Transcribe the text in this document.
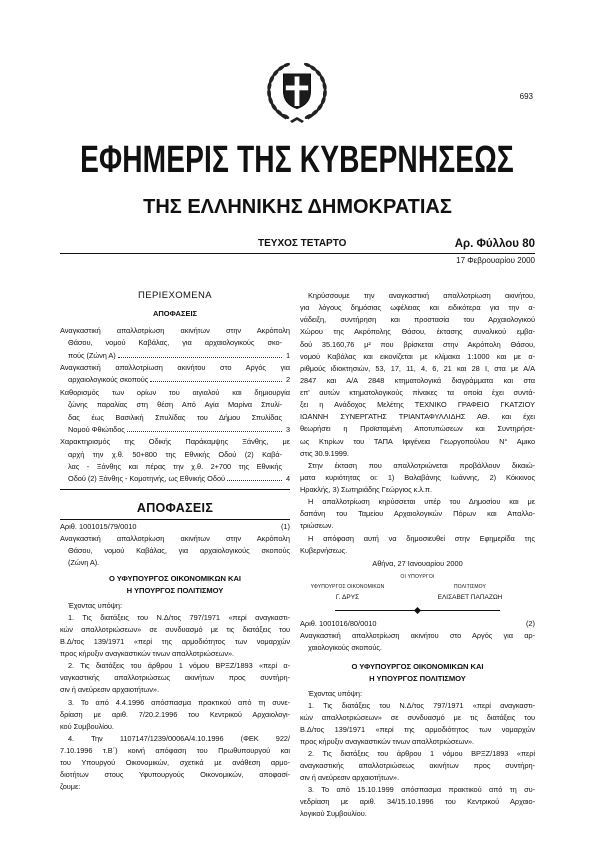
693
ΕΦΗΜΕΡΙΣ ΤΗΣ ΚΥΒΕΡΝΗΣΕΩΣ
ΤΗΣ ΕΛΛΗΝΙΚΗΣ ΔΗΜΟΚΡΑΤΙΑΣ
ΤΕΥΧΟΣ ΤΕΤΑΡΤΟ	Αρ. Φύλλου 80
17 Φεβρουαρίου 2000
ΠΕΡΙΕΧΟΜΕΝΑ
ΑΠΟΦΑΣΕΙΣ
Αναγκαστική απαλλοτρίωση ακινήτων στην Ακρόπολη
Θάσου, νομού Καβάλας, για αρχαιολογικούς σκο-
πούς (Ζώνη Α)	1
Αναγκαστική απαλλοτρίωση ακινήτου στο Αργός για
αρχαιολογικούς σκοπούς	2
Καθορισμός των ορίων του αιγιαλού και δημιουργία
ζώνης παραλίας στη θέση Από Αγία Μαρίνα Σπυλί-
δας έως Βασιλική Σπυλίδας του Δήμου Σπυλίδας
Νομού Φθιώτιδος	3
Χαρακτηρισμός της Οδικής Παράκαμψης Ξάνθης, με
αρχή την χ.θ. 50+800 της Εθνικής Οδού (2) Καβά-
λας - Ξάνθης και πέρας την χ.θ. 2+700 της Εθνικής
Οδού (2) Ξάνθης - Κομοτηνής, ως Εθνικής Οδού	4
ΑΠΟΦΑΣΕΙΣ
Αριθ. 1001015/79/0010	(1)
Αναγκαστική απαλλοτρίωση ακινήτων στην Ακρόπολη
Θάσου, νομού Καβάλας, για αρχαιολογικούς σκοπούς
(Ζώνη Α).
Ο ΥΦΥΠΟΥΡΓΟΣ ΟΙΚΟΝΟΜΙΚΩΝ ΚΑΙ
Η ΥΠΟΥΡΓΟΣ ΠΟΛΙΤΙΣΜΟΥ
Έχοντας υπόψη:
1. Τις διατάξεις του Ν.Δ/τος 797/1971 «περί αναγκαστι-
κών απαλλοτριώσεων» σε συνδυασμό με τις διατάξεις του
Β.Δ/τος 139/1971 «περί της αρμοδιότητος των νομαρχών
προς κήρυξιν αναγκαστικών τινων απαλλοτριώσεων».
2. Τις διατάξεις του άρθρου 1 νόμου ΒΡΞΖ/1893 «περί α-
ναγκαστικής απαλλοτριώσεως ακινήτων προς συντήρη-
σιν ή ανεύρεσιν αρχαιοτήτων».
3. Το από 4.4.1996 απόσπασμα πρακτικού από τη συνε-
δρίαση με αριθ. 7/20.2.1996 του Κεντρικού Αρχαιολογι-
κού Συμβουλίου.
4. Την 1107147/1239/0006Α/4.10.1996 (ΦΕΚ 922/
7.10.1996 τ.Β΄) κοινή απόφαση του Πρωθυπουργού και
του Υπουργού Οικονομικών, σχετικά με ανάθεση αρμο-
διοτήτων στους Υφυπουργούς Οικονομικών, αποφασί-
ζουμε:
Κηρύσσουμε την αναγκαστική απαλλοτρίωση ακινήτου,
για λόγους δημόσιας ωφέλειας και ειδικότερα για την α-
νάδειξη, συντήρηση και προστασία του Αρχαιολογικού
Χώρου της Ακρόπολης Θάσου, έκτασης συνολικού εμβα-
δού 35.160,76 μ² που βρίσκεται στην Ακρόπολη Θάσου,
νομού Καβάλας και εικονίζεται με κλίμακα 1:1000 και με α-
ριθμούς ιδιοκτησιών, 53, 17, 11, 4, 6, 21 και 28 Ι, στα με Α/Α
2847 και Α/Α 2848 κτηματολογικά διαγράμματα και στα
επ' αυτών κτηματολογικούς πίνακες τα οποία έχει συντά-
ξει η Ανάδοχος Μελέτης ΤΕΧΝΙΚΟ ΓΡΑΦΕΙΟ ΓΚΑΤΖΙΟΥ
ΙΩΑΝΝΗ ΣΥΝΕΡΓΑΤΗΣ ΤΡΙΑΝΤΑΦΥΛΛΙΔΗΣ ΑΘ. και έχει
θεωρήσει η Προϊσταμένη Αποτυπώσεων και Συντηρήσε-
ως Κτιρίων του ΤΑΠΑ Ιφιγένεια Γεωργοπούλου Ν° Αμικο
στις 30.9.1999.
Στην έκταση που απαλλοτριώνεται προβάλλουν δικαιώ-
ματα κυριότητας οι: 1) Βαλαβάνης Ιωάννης, 2) Κόκκινος
Ηρακλής, 3) Σωτηριάδης Γεώργιος κ.λ.π.
Η απαλλοτρίωση κηρύσσεται υπέρ του Δημοσίου και με
δαπάνη του Ταμείου Αρχαιολογικών Πόρων και Απαλλο-
τριώσεων.
Η απόφαση αυτή να δημοσιευθεί στην Εφημερίδα της
Κυβερνήσεως.
Αθήνα, 27 Ιανουαρίου 2000
ΟΙ ΥΠΟΥΡΓΟΙ
ΥΦΥΠΟΥΡΓΟΣ ΟΙΚΟΝΟΜΙΚΩΝ
Γ. ΔΡΥΣ
ΠΟΛΙΤΙΣΜΟΥ
ΕΛΙΣΑΒΕΤ ΠΑΠΑΖΩΗ
Αριθ. 1001016/80/0010	(2)
Αναγκαστική απαλλοτρίωση ακινήτου στο Αργός για αρ-
χαιολογικούς σκοπούς.
Ο ΥΦΥΠΟΥΡΓΟΣ ΟΙΚΟΝΟΜΙΚΩΝ ΚΑΙ
Η ΥΠΟΥΡΓΟΣ ΠΟΛΙΤΙΣΜΟΥ
Έχοντας υπόψη:
1. Τις διατάξεις του Ν.Δ/τος 797/1971 «περί αναγκαστι-
κών απαλλοτριώσεων» σε συνδυασμό με τις διατάξεις του
Β.Δ/τος 139/1971 «περί της αρμοδιότητος των νομαρχών
προς κήρυξιν αναγκαστικών τινων απαλλοτριώσεων».
2. Τις διατάξεις του άρθρου 1 νόμου ΒΡΞΖ/1893 «περί
αναγκαστικής απαλλοτριώσεως ακινήτων προς συντήρη-
σιν ή ανεύρεσιν αρχαιοτήτων».
3. Το από 15.10.1999 απόσπασμα πρακτικού από τη συ-
νεδρίαση με αριθ. 34/15.10.1996 του Κεντρικού Αρχαιο-
λογικού Συμβουλίου.
